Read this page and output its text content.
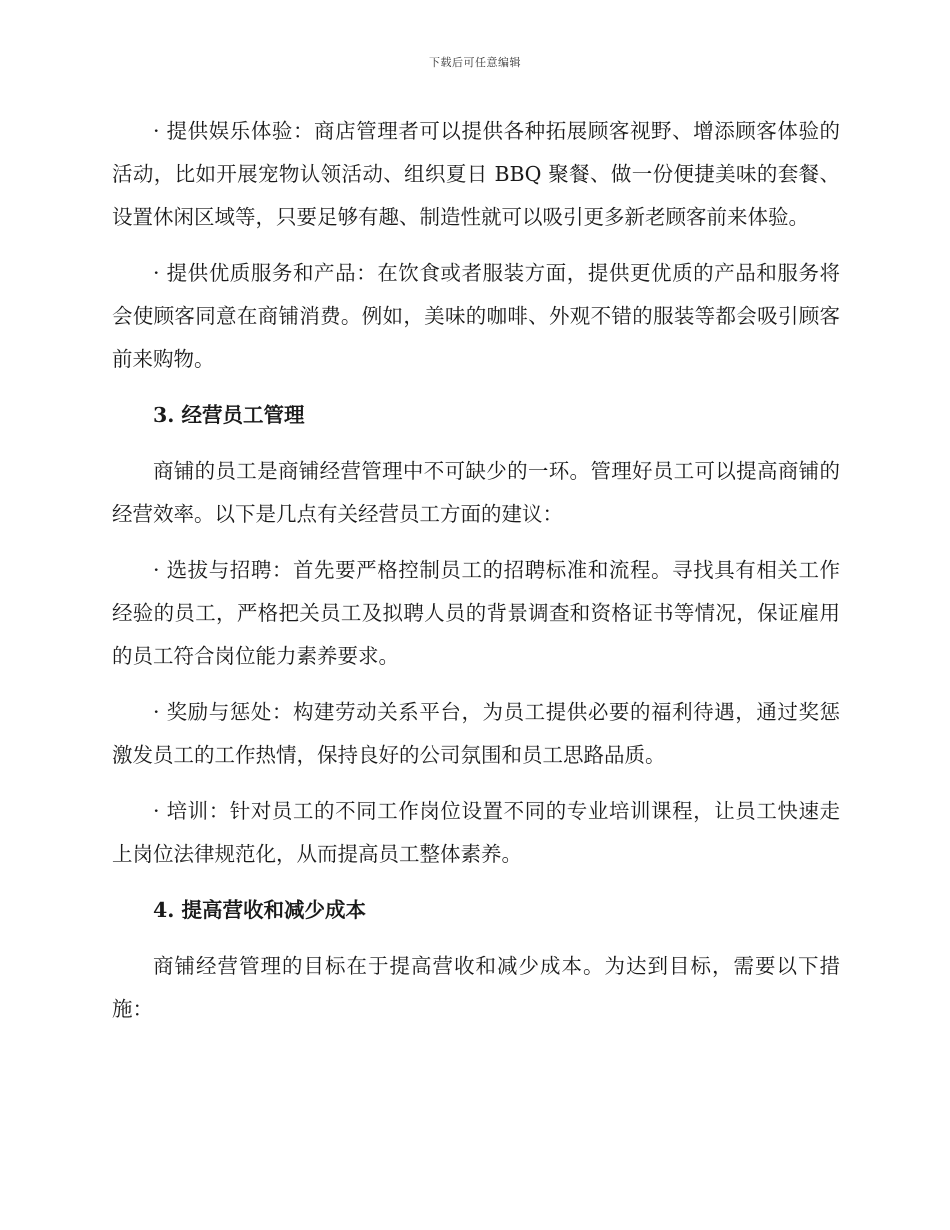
下载后可任意编辑

· 提供娱乐体验：商店管理者可以提供各种拓展顾客视野、增添顾客体验的活动，比如开展宠物认领活动、组织夏日 BBQ 聚餐、做一份便捷美味的套餐、设置休闲区域等，只要足够有趣、制造性就可以吸引更多新老顾客前来体验。

· 提供优质服务和产品：在饮食或者服装方面，提供更优质的产品和服务将会使顾客同意在商铺消费。例如，美味的咖啡、外观不错的服装等都会吸引顾客前来购物。

3. 经营员工管理

商铺的员工是商铺经营管理中不可缺少的一环。管理好员工可以提高商铺的经营效率。以下是几点有关经营员工方面的建议：

· 选拔与招聘：首先要严格控制员工的招聘标准和流程。寻找具有相关工作经验的员工，严格把关员工及拟聘人员的背景调查和资格证书等情况，保证雇用的员工符合岗位能力素养要求。

· 奖励与惩处：构建劳动关系平台，为员工提供必要的福利待遇，通过奖惩激发员工的工作热情，保持良好的公司氛围和员工思路品质。

· 培训：针对员工的不同工作岗位设置不同的专业培训课程，让员工快速走上岗位法律规范化，从而提高员工整体素养。

4. 提高营收和减少成本

商铺经营管理的目标在于提高营收和减少成本。为达到目标，需要以下措施：
